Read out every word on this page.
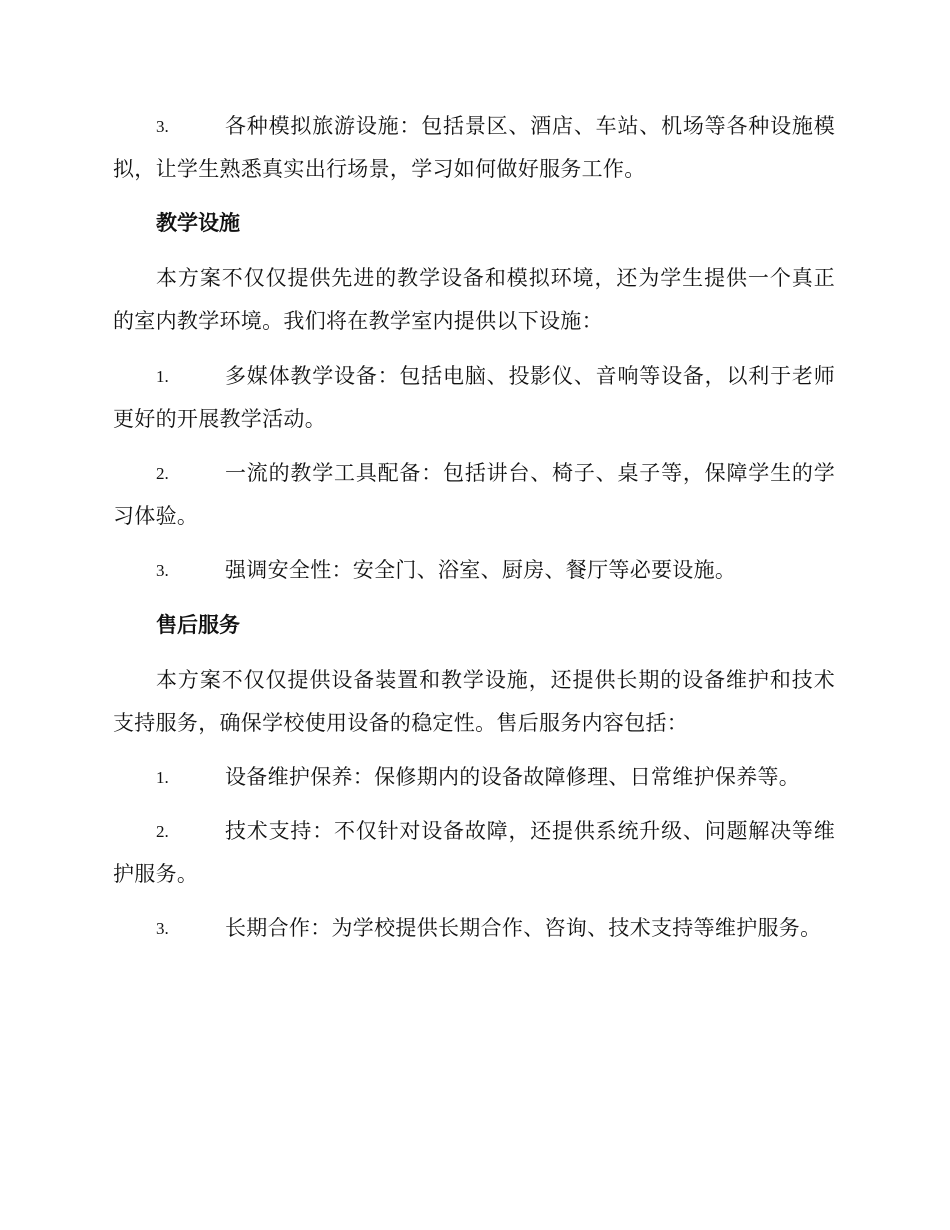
3.	各种模拟旅游设施：包括景区、酒店、车站、机场等各种设施模拟，让学生熟悉真实出行场景，学习如何做好服务工作。
教学设施

本方案不仅仅提供先进的教学设备和模拟环境，还为学生提供一个真正的室内教学环境。我们将在教学室内提供以下设施：

1.	多媒体教学设备：包括电脑、投影仪、音响等设备，以利于老师更好的开展教学活动。
2.	一流的教学工具配备：包括讲台、椅子、桌子等，保障学生的学习体验。
3.	强调安全性：安全门、浴室、厨房、餐厅等必要设施。
售后服务

本方案不仅仅提供设备装置和教学设施，还提供长期的设备维护和技术支持服务，确保学校使用设备的稳定性。售后服务内容包括：

1.	设备维护保养：保修期内的设备故障修理、日常维护保养等。
2.	技术支持：不仅针对设备故障，还提供系统升级、问题解决等维护服务。
3.	长期合作：为学校提供长期合作、咨询、技术支持等维护服务。
